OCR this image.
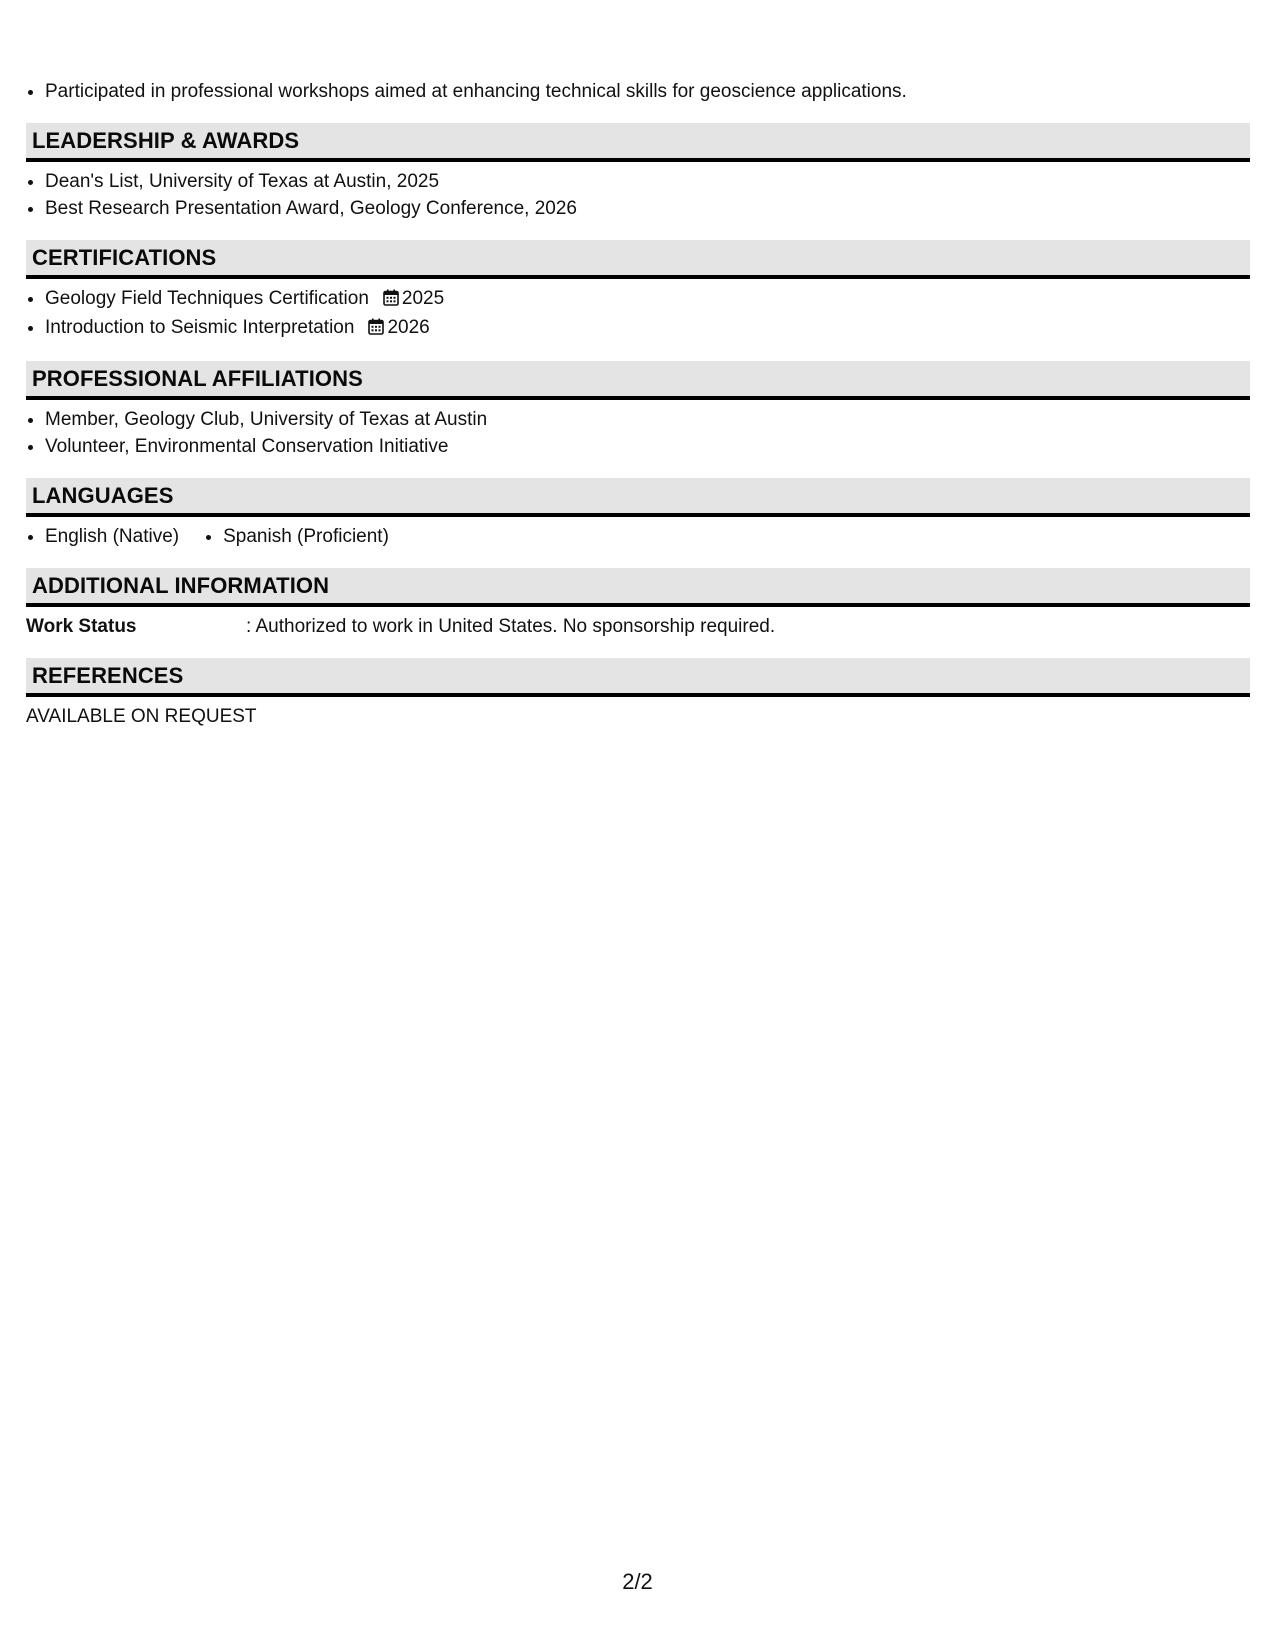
• Participated in professional workshops aimed at enhancing technical skills for geoscience applications.
LEADERSHIP & AWARDS
• Dean's List, University of Texas at Austin, 2025
• Best Research Presentation Award, Geology Conference, 2026
CERTIFICATIONS
• Geology Field Techniques Certification 2025
• Introduction to Seismic Interpretation 2026
PROFESSIONAL AFFILIATIONS
• Member, Geology Club, University of Texas at Austin
• Volunteer, Environmental Conservation Initiative
LANGUAGES
• English (Native)
• Spanish (Proficient)
ADDITIONAL INFORMATION
Work Status	: Authorized to work in United States. No sponsorship required.
REFERENCES
AVAILABLE ON REQUEST
2/2
